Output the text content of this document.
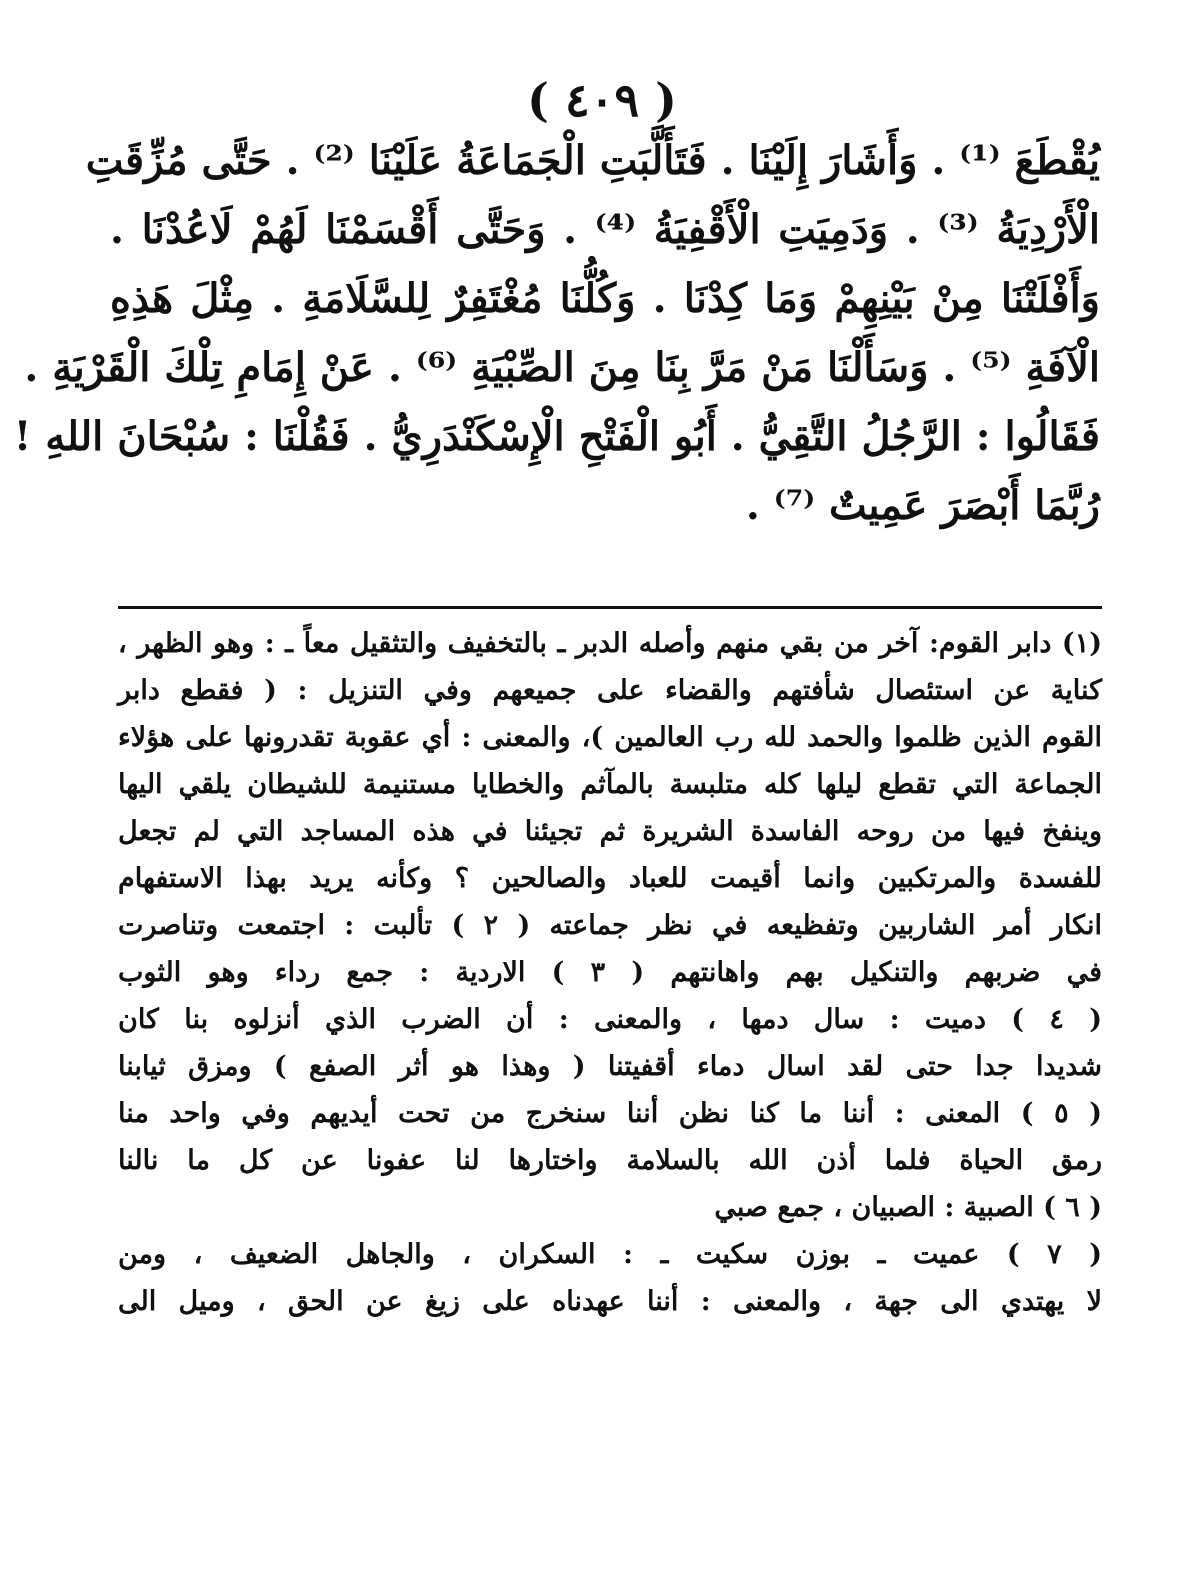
( ٤٠٩ )
يُقْطَعَ ⁽¹⁾ . وَأَشَارَ إِلَيْنَا . فَتَأَلَّبَتِ الْجَمَاعَةُ عَلَيْنَا ⁽²⁾ . حَتَّى مُزِّقَتِ
الْأَرْدِيَةُ ⁽³⁾ . وَدَمِيَتِ الْأَقْفِيَةُ ⁽⁴⁾ . وَحَتَّى أَقْسَمْنَا لَهُمْ لَاعُدْنَا .
وَأَفْلَتْنَا مِنْ بَيْنِهِمْ وَمَا كِدْنَا . وَكُلُّنَا مُغْتَفِرٌ لِلسَّلَامَةِ . مِثْلَ هَذِهِ
الْآفَةِ ⁽⁵⁾ . وَسَأَلْنَا مَنْ مَرَّ بِنَا مِنَ الصِّبْيَةِ ⁽⁶⁾ . عَنْ إِمَامِ تِلْكَ الْقَرْيَةِ .
فَقَالُوا : الرَّجُلُ التَّقِيُّ . أَبُو الْفَتْحِ الْإِسْكَنْدَرِيُّ . فَقُلْنَا : سُبْحَانَ اللهِ !
رُبَّمَا أَبْصَرَ عَمِيتٌ ⁽⁷⁾ .
(١) دابر القوم: آخر من بقي منهم وأصله الدبر ـ بالتخفيف والتثقيل معاً ـ : وهو الظهر ،
كناية عن استئصال شأفتهم والقضاء على جميعهم وفي التنزيل : ( فقطع دابر
القوم الذين ظلموا والحمد لله رب العالمين )، والمعنى : أي عقوبة تقدرونها على هؤلاء
الجماعة التي تقطع ليلها كله متلبسة بالمآثم والخطايا مستنيمة للشيطان يلقي اليها
وينفخ فيها من روحه الفاسدة الشريرة ثم تجيئنا في هذه المساجد التي لم تجعل
للفسدة والمرتكبين وانما أقيمت للعباد والصالحين ؟ وكأنه يريد بهذا الاستفهام
انكار أمر الشاربين وتفظيعه في نظر جماعته ( ٢ ) تألبت : اجتمعت وتناصرت
في ضربهم والتنكيل بهم واهانتهم ( ٣ ) الاردية : جمع رداء وهو الثوب
( ٤ ) دميت : سال دمها ، والمعنى : أن الضرب الذي أنزلوه بنا كان
شديدا جدا حتى لقد اسال دماء أقفيتنا ( وهذا هو أثر الصفع ) ومزق ثيابنا
( ٥ ) المعنى : أننا ما كنا نظن أننا سنخرج من تحت أيديهم وفي واحد منا
رمق الحياة فلما أذن الله بالسلامة واختارها لنا عفونا عن كل ما نالنا
( ٦ ) الصبية : الصبيان ، جمع صبي
( ٧ ) عميت ـ بوزن سكيت ـ : السكران ، والجاهل الضعيف ، ومن
لا يهتدي الى جهة ، والمعنى : أننا عهدناه على زيغ عن الحق ، وميل الى
